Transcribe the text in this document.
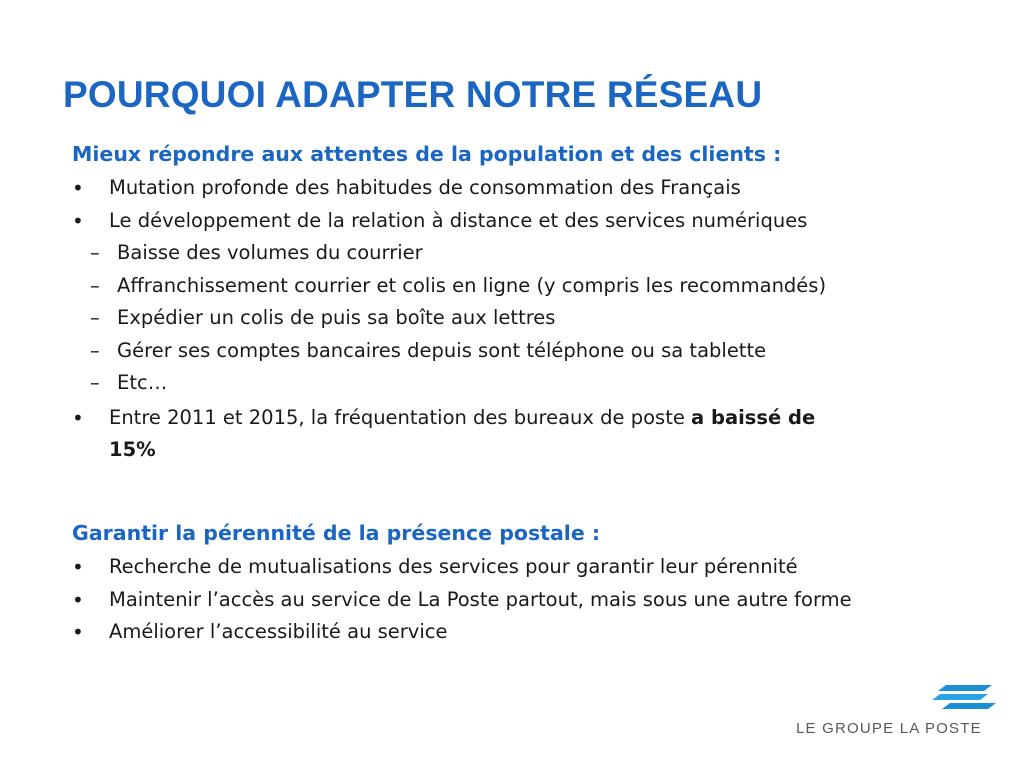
POURQUOI ADAPTER NOTRE RÉSEAU

Mieux répondre aux attentes de la population et des clients :

• Mutation profonde des habitudes de consommation des Français
• Le développement de la relation à distance et des services numériques
– Baisse des volumes du courrier
– Affranchissement courrier et colis en ligne (y compris les recommandés)
– Expédier un colis de puis sa boîte aux lettres
– Gérer ses comptes bancaires depuis sont téléphone ou sa tablette
– Etc…
• Entre 2011 et 2015, la fréquentation des bureaux de poste a baissé de
15%

Garantir la pérennité de la présence postale :

• Recherche de mutualisations des services pour garantir leur pérennité
• Maintenir l’accès au service de La Poste partout, mais sous une autre forme
• Améliorer l’accessibilité au service
LE GROUPE LA POSTE
